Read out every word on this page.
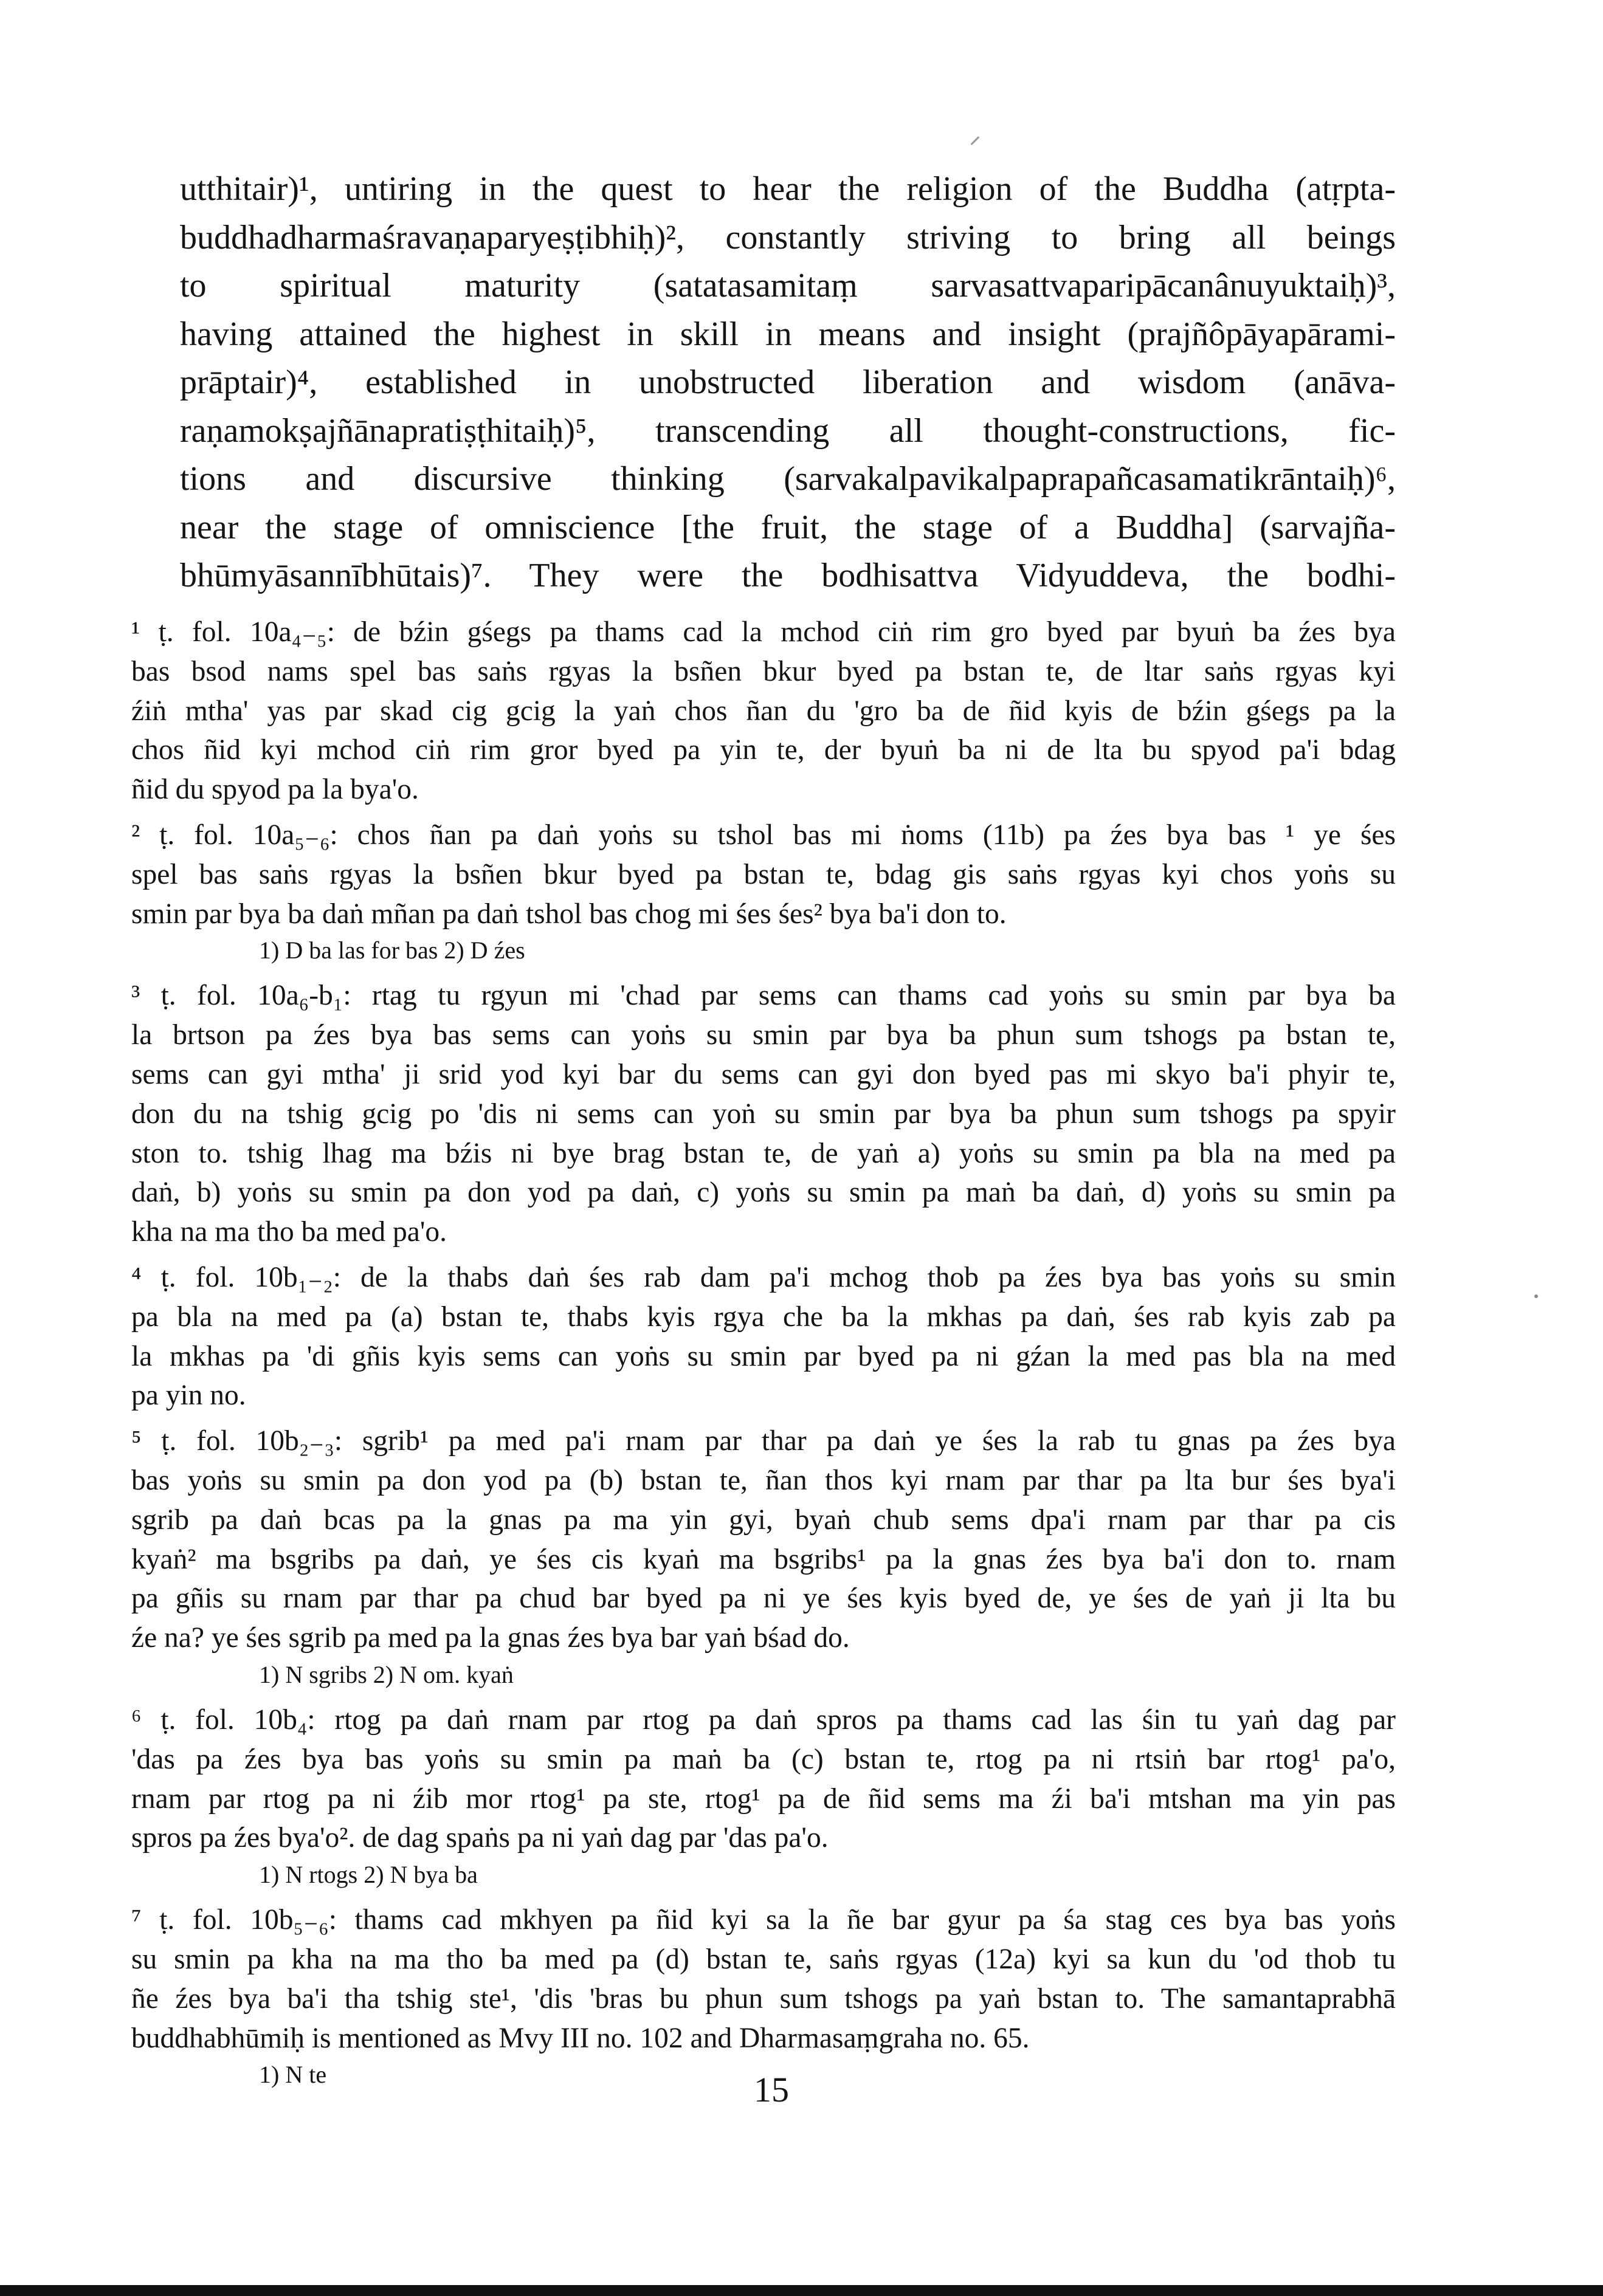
utthitair)¹, untiring in the quest to hear the religion of the Buddha (atṛpta-
buddhadharmaśravaṇaparyeṣṭibhiḥ)², constantly striving to bring all beings
to spiritual maturity (satatasamitaṃ sarvasattvaparipācanânuyuktaiḥ)³,
having attained the highest in skill in means and insight (prajñôpāyapārami-
prāptair)⁴, established in unobstructed liberation and wisdom (anāva-
raṇamokṣajñānapratiṣṭhitaiḥ)⁵, transcending all thought-constructions, fic-
tions and discursive thinking (sarvakalpavikalpaprapañcasamatikrāntaiḥ)⁶,
near the stage of omniscience [the fruit, the stage of a Buddha] (sarvajña-
bhūmyāsannībhūtais)⁷. They were the bodhisattva Vidyuddeva, the bodhi-
¹ ṭ. fol. 10a₄₋₅: de bźin gśegs pa thams cad la mchod ciṅ rim gro byed par byuṅ ba źes bya
bas bsod nams spel bas saṅs rgyas la bsñen bkur byed pa bstan te, de ltar saṅs rgyas kyi
źiṅ mtha' yas par skad cig gcig la yaṅ chos ñan du 'gro ba de ñid kyis de bźin gśegs pa la
chos ñid kyi mchod ciṅ rim gror byed pa yin te, der byuṅ ba ni de lta bu spyod pa'i bdag
ñid du spyod pa la bya'o.
² ṭ. fol. 10a₅₋₆: chos ñan pa daṅ yoṅs su tshol bas mi ṅoms (11b) pa źes bya bas ¹ ye śes
spel bas saṅs rgyas la bsñen bkur byed pa bstan te, bdag gis saṅs rgyas kyi chos yoṅs su
smin par bya ba daṅ mñan pa daṅ tshol bas chog mi śes śes² bya ba'i don to.
1) D ba las for bas 2) D źes
³ ṭ. fol. 10a₆-b₁: rtag tu rgyun mi 'chad par sems can thams cad yoṅs su smin par bya ba
la brtson pa źes bya bas sems can yoṅs su smin par bya ba phun sum tshogs pa bstan te,
sems can gyi mtha' ji srid yod kyi bar du sems can gyi don byed pas mi skyo ba'i phyir te,
don du na tshig gcig po 'dis ni sems can yoṅ su smin par bya ba phun sum tshogs pa spyir
ston to. tshig lhag ma bźis ni bye brag bstan te, de yaṅ a) yoṅs su smin pa bla na med pa
daṅ, b) yoṅs su smin pa don yod pa daṅ, c) yoṅs su smin pa maṅ ba daṅ, d) yoṅs su smin pa
kha na ma tho ba med pa'o.
⁴ ṭ. fol. 10b₁₋₂: de la thabs daṅ śes rab dam pa'i mchog thob pa źes bya bas yoṅs su smin
pa bla na med pa (a) bstan te, thabs kyis rgya che ba la mkhas pa daṅ, śes rab kyis zab pa
la mkhas pa 'di gñis kyis sems can yoṅs su smin par byed pa ni gźan la med pas bla na med
pa yin no.
⁵ ṭ. fol. 10b₂₋₃: sgrib¹ pa med pa'i rnam par thar pa daṅ ye śes la rab tu gnas pa źes bya
bas yoṅs su smin pa don yod pa (b) bstan te, ñan thos kyi rnam par thar pa lta bur śes bya'i
sgrib pa daṅ bcas pa la gnas pa ma yin gyi, byaṅ chub sems dpa'i rnam par thar pa cis
kyaṅ² ma bsgribs pa daṅ, ye śes cis kyaṅ ma bsgribs¹ pa la gnas źes bya ba'i don to. rnam
pa gñis su rnam par thar pa chud bar byed pa ni ye śes kyis byed de, ye śes de yaṅ ji lta bu
źe na? ye śes sgrib pa med pa la gnas źes bya bar yaṅ bśad do.
1) N sgribs 2) N om. kyaṅ
⁶ ṭ. fol. 10b₄: rtog pa daṅ rnam par rtog pa daṅ spros pa thams cad las śin tu yaṅ dag par
'das pa źes bya bas yoṅs su smin pa maṅ ba (c) bstan te, rtog pa ni rtsiṅ bar rtog¹ pa'o,
rnam par rtog pa ni źib mor rtog¹ pa ste, rtog¹ pa de ñid sems ma źi ba'i mtshan ma yin pas
spros pa źes bya'o². de dag spaṅs pa ni yaṅ dag par 'das pa'o.
1) N rtogs 2) N bya ba
⁷ ṭ. fol. 10b₅₋₆: thams cad mkhyen pa ñid kyi sa la ñe bar gyur pa śa stag ces bya bas yoṅs
su smin pa kha na ma tho ba med pa (d) bstan te, saṅs rgyas (12a) kyi sa kun du 'od thob tu
ñe źes bya ba'i tha tshig ste¹, 'dis 'bras bu phun sum tshogs pa yaṅ bstan to. The samantaprabhā
buddhabhūmiḥ is mentioned as Mvy III no. 102 and Dharmasaṃgraha no. 65.
1) N te	15
